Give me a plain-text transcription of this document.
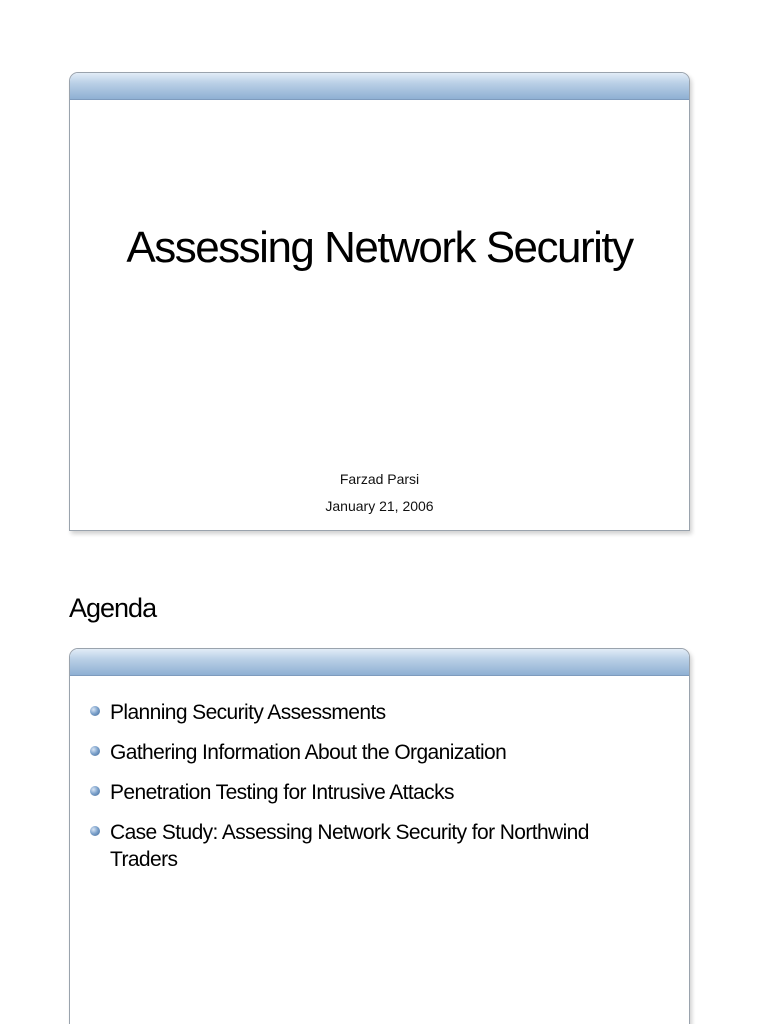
Assessing Network Security
Farzad Parsi
January 21, 2006
Agenda
Planning Security Assessments
Gathering Information About the Organization
Penetration Testing for Intrusive Attacks
Case Study: Assessing Network Security for Northwind Traders
